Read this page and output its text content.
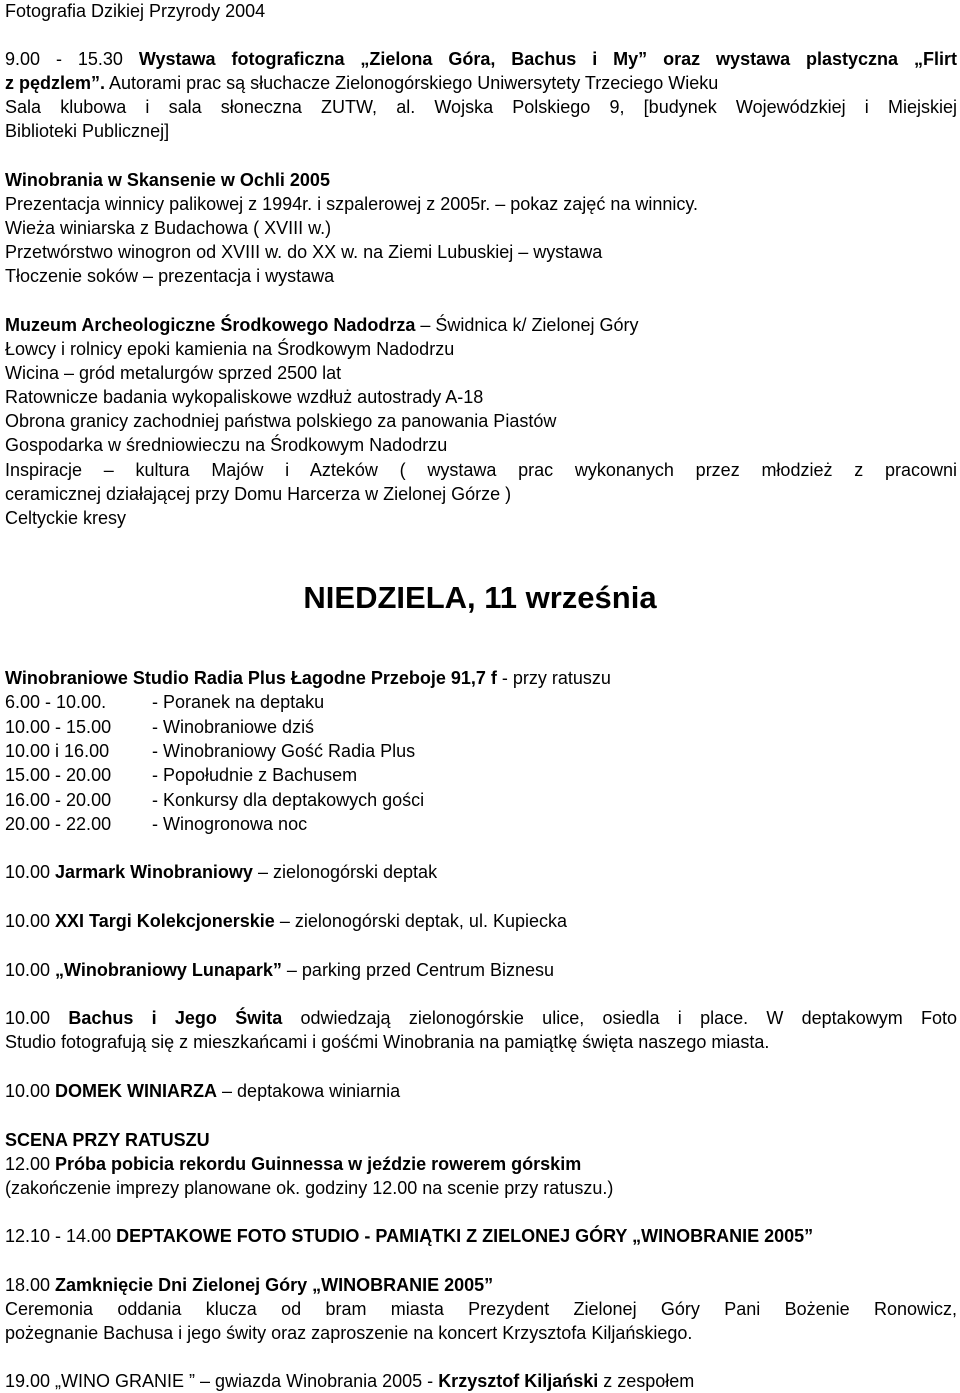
Fotografia Dzikiej Przyrody 2004
9.00 - 15.30 Wystawa fotograficzna „Zielona Góra, Bachus i My” oraz wystawa plastyczna „Flirt
z pędzlem”. Autorami prac są słuchacze Zielonogórskiego Uniwersytety Trzeciego Wieku
Sala klubowa i sala słoneczna ZUTW, al. Wojska Polskiego 9, [budynek Wojewódzkiej i Miejskiej
Biblioteki Publicznej]
Winobrania w Skansenie w Ochli 2005
Prezentacja winnicy palikowej z 1994r. i szpalerowej z 2005r. – pokaz zajęć na winnicy.
Wieża winiarska z Budachowa ( XVIII w.)
Przetwórstwo winogron od XVIII w. do XX w. na Ziemi Lubuskiej – wystawa
Tłoczenie soków – prezentacja i wystawa
Muzeum Archeologiczne Środkowego Nadodrza – Świdnica k/ Zielonej Góry
Łowcy i rolnicy epoki kamienia na Środkowym Nadodrzu
Wicina – gród metalurgów sprzed 2500 lat
Ratownicze badania wykopaliskowe wzdłuż autostrady A-18
Obrona granicy zachodniej państwa polskiego za panowania Piastów
Gospodarka w średniowieczu na Środkowym Nadodrzu
Inspiracje – kultura Majów i Azteków ( wystawa prac wykonanych przez młodzież z pracowni
ceramicznej działającej przy Domu Harcerza w Zielonej Górze )
Celtyckie kresy
NIEDZIELA, 11 września
Winobraniowe Studio Radia Plus Łagodne Przeboje 91,7 f - przy ratuszu
6.00 - 10.00.	- Poranek na deptaku
10.00 - 15.00 - Winobraniowe dziś
10.00 i 16.00 - Winobraniowy Gość Radia Plus
15.00 - 20.00 - Popołudnie z Bachusem
16.00 - 20.00 - Konkursy dla deptakowych gości
20.00 - 22.00 - Winogronowa noc
10.00 Jarmark Winobraniowy – zielonogórski deptak
10.00 XXI Targi Kolekcjonerskie – zielonogórski deptak, ul. Kupiecka
10.00 „Winobraniowy Lunapark” – parking przed Centrum Biznesu
10.00 Bachus i Jego Świta odwiedzają zielonogórskie ulice, osiedla i place. W deptakowym Foto
Studio fotografują się z mieszkańcami i gośćmi Winobrania na pamiątkę święta naszego miasta.
10.00 DOMEK WINIARZA – deptakowa winiarnia
SCENA PRZY RATUSZU
12.00 Próba pobicia rekordu Guinnessa w jeździe rowerem górskim
(zakończenie imprezy planowane ok. godziny 12.00 na scenie przy ratuszu.)
12.10 - 14.00 DEPTAKOWE FOTO STUDIO - PAMIĄTKI Z ZIELONEJ GÓRY „WINOBRANIE 2005”
18.00 Zamknięcie Dni Zielonej Góry „WINOBRANIE 2005”
Ceremonia oddania klucza od bram miasta Prezydent Zielonej Góry Pani Bożenie Ronowicz,
pożegnanie Bachusa i jego świty oraz zaproszenie na koncert Krzysztofa Kiljańskiego.
19.00 „WINO GRANIE ” – gwiazda Winobrania 2005 - Krzysztof Kiljański z zespołem
